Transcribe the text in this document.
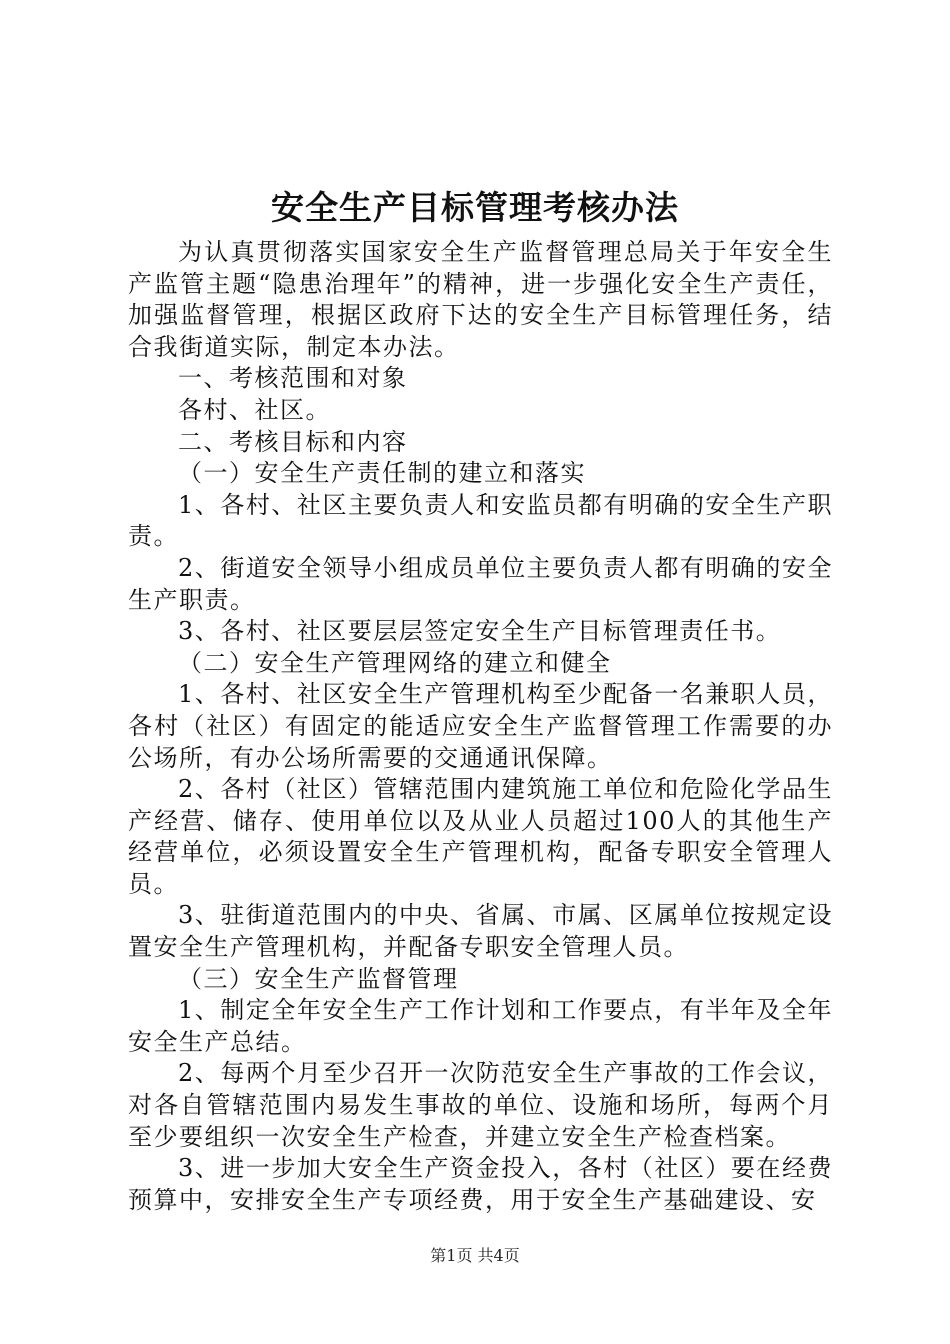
安全生产目标管理考核办法

为认真贯彻落实国家安全生产监督管理总局关于年安全生产监管主题“隐患治理年”的精神，进一步强化安全生产责任，加强监督管理，根据区政府下达的安全生产目标管理任务，结合我街道实际，制定本办法。

一、考核范围和对象

各村、社区。

二、考核目标和内容

（一）安全生产责任制的建立和落实

1、各村、社区主要负责人和安监员都有明确的安全生产职责。

2、街道安全领导小组成员单位主要负责人都有明确的安全生产职责。

3、各村、社区要层层签定安全生产目标管理责任书。

（二）安全生产管理网络的建立和健全

1、各村、社区安全生产管理机构至少配备一名兼职人员，各村（社区）有固定的能适应安全生产监督管理工作需要的办公场所，有办公场所需要的交通通讯保障。

2、各村（社区）管辖范围内建筑施工单位和危险化学品生产经营、储存、使用单位以及从业人员超过100人的其他生产经营单位，必须设置安全生产管理机构，配备专职安全管理人员。

3、驻街道范围内的中央、省属、市属、区属单位按规定设置安全生产管理机构，并配备专职安全管理人员。

（三）安全生产监督管理

1、制定全年安全生产工作计划和工作要点，有半年及全年安全生产总结。

2、每两个月至少召开一次防范安全生产事故的工作会议，对各自管辖范围内易发生事故的单位、设施和场所，每两个月至少要组织一次安全生产检查，并建立安全生产检查档案。

3、进一步加大安全生产资金投入，各村（社区）要在经费预算中，安排安全生产专项经费，用于安全生产基础建设、安

第1页 共4页
